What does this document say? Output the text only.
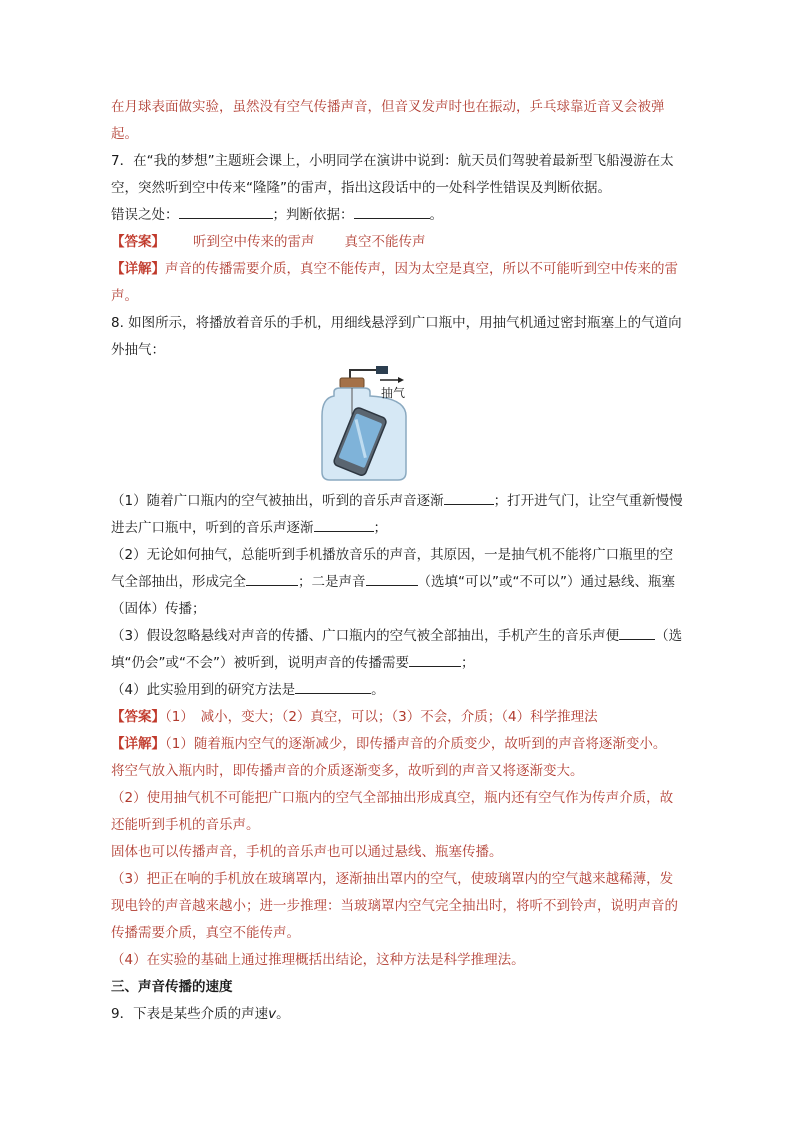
在月球表面做实验，虽然没有空气传播声音，但音叉发声时也在振动，乒乓球靠近音叉会被弹起。

7．在“我的梦想”主题班会课上，小明同学在演讲中说到：航天员们驾驶着最新型飞船漫游在太空，突然听到空中传来“隆隆”的雷声，指出这段话中的一处科学性错误及判断依据。

错误之处：	；判断依据：	。

【答案】 听到空中传来的雷声 真空不能传声

【详解】声音的传播需要介质，真空不能传声，因为太空是真空，所以不可能听到空中传来的雷声。

8. 如图所示，将播放着音乐的手机，用细线悬浮到广口瓶中，用抽气机通过密封瓶塞上的气道向外抽气：

抽气

（1）随着广口瓶内的空气被抽出，听到的音乐声音逐渐	；打开进气门，让空气重新慢慢进去广口瓶中，听到的音乐声逐渐	；

（2）无论如何抽气，总能听到手机播放音乐的声音，其原因，一是抽气机不能将广口瓶里的空气全部抽出，形成完全	；二是声音	（选填“可以”或“不可以”）通过悬线、瓶塞（固体）传播；

（3）假设忽略悬线对声音的传播、广口瓶内的空气被全部抽出，手机产生的音乐声便	（选填“仍会”或“不会”）被听到，说明声音的传播需要	；

（4）此实验用到的研究方法是	。

【答案】（1）　减小，变大；（2）真空，可以；（3）不会，介质；（4）科学推理法

【详解】（1）随着瓶内空气的逐渐减少，即传播声音的介质变少，故听到的声音将逐渐变小。

将空气放入瓶内时，即传播声音的介质逐渐变多，故听到的声音又将逐渐变大。

（2）使用抽气机不可能把广口瓶内的空气全部抽出形成真空，瓶内还有空气作为传声介质，故还能听到手机的音乐声。

固体也可以传播声音，手机的音乐声也可以通过悬线、瓶塞传播。

（3）把正在响的手机放在玻璃罩内，逐渐抽出罩内的空气，使玻璃罩内的空气越来越稀薄，发现电铃的声音越来越小；进一步推理：当玻璃罩内空气完全抽出时，将听不到铃声，说明声音的传播需要介质，真空不能传声。

（4）在实验的基础上通过推理概括出结论，这种方法是科学推理法。

三、声音传播的速度

9．下表是某些介质的声速v。
